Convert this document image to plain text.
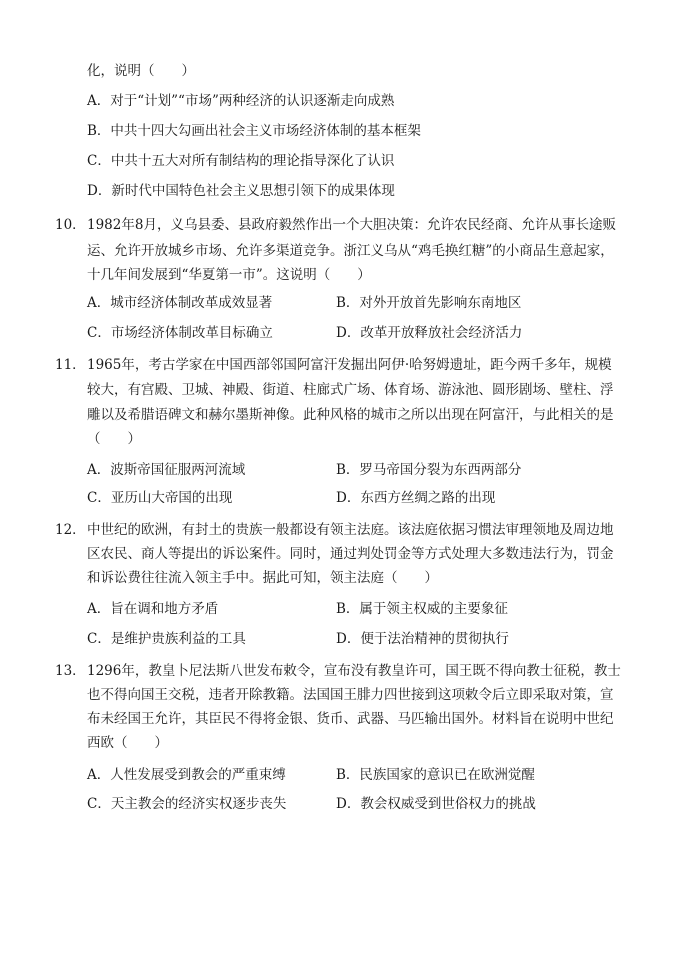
化，说明（　　）
A．对于“计划”“市场”两种经济的认识逐渐走向成熟
B．中共十四大勾画出社会主义市场经济体制的基本框架
C．中共十五大对所有制结构的理论指导深化了认识
D．新时代中国特色社会主义思想引领下的成果体现
10． 1982年8月，义乌县委、县政府毅然作出一个大胆决策：允许农民经商、允许从事长途贩
运、允许开放城乡市场、允许多渠道竞争。浙江义乌从“鸡毛换红糖”的小商品生意起家，
十几年间发展到“华夏第一市”。这说明（　　）
A．城市经济体制改革成效显著	B．对外开放首先影响东南地区
C．市场经济体制改革目标确立	D．改革开放释放社会经济活力
11． 1965年，考古学家在中国西部邻国阿富汗发掘出阿伊·哈努姆遗址，距今两千多年，规模
较大，有宫殿、卫城、神殿、街道、柱廊式广场、体育场、游泳池、圆形剧场、壁柱、浮
雕以及希腊语碑文和赫尔墨斯神像。此种风格的城市之所以出现在阿富汗，与此相关的是
（　　）
A．波斯帝国征服两河流域	B．罗马帝国分裂为东西两部分
C．亚历山大帝国的出现	D．东西方丝绸之路的出现
12． 中世纪的欧洲，有封土的贵族一般都设有领主法庭。该法庭依据习惯法审理领地及周边地
区农民、商人等提出的诉讼案件。同时，通过判处罚金等方式处理大多数违法行为，罚金
和诉讼费往往流入领主手中。据此可知，领主法庭（　　）
A．旨在调和地方矛盾	B．属于领主权威的主要象征
C．是维护贵族利益的工具	D．便于法治精神的贯彻执行
13． 1296年，教皇卜尼法斯八世发布敕令，宣布没有教皇许可，国王既不得向教士征税，教士
也不得向国王交税，违者开除教籍。法国国王腓力四世接到这项敕令后立即采取对策，宣
布未经国王允许，其臣民不得将金银、货币、武器、马匹输出国外。材料旨在说明中世纪
西欧（　　）
A．人性发展受到教会的严重束缚	B．民族国家的意识已在欧洲觉醒
C．天主教会的经济实权逐步丧失	D．教会权威受到世俗权力的挑战
